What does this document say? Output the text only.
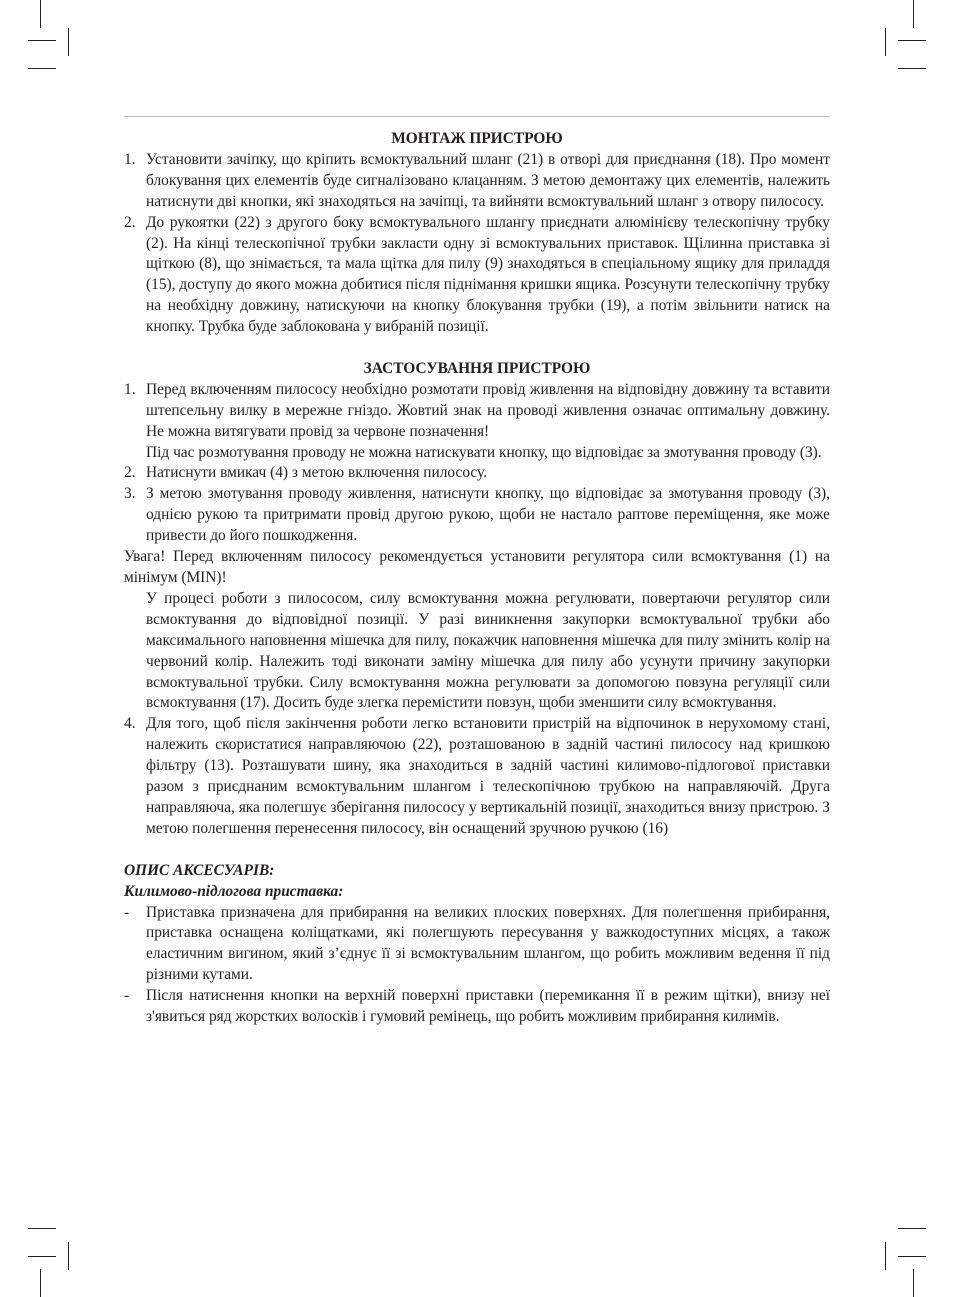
МОНТАЖ ПРИСТРОЮ

1. Установити зачіпку, що кріпить всмоктувальний шланг (21) в отворі для приєднання (18). Про момент блокування цих елементів буде сигналізовано клацанням. З метою демонтажу цих елементів, належить натиснути дві кнопки, які знаходяться на зачіпці, та вийняти всмоктувальний шланг з отвору пилососу.
2. До рукоятки (22) з другого боку всмоктувального шлангу приєднати алюмінієву телескопічну трубку (2). На кінці телескопічної трубки закласти одну зі всмоктувальних приставок. Щілинна приставка зі щіткою (8), що знімається, та мала щітка для пилу (9) знаходяться в спеціальному ящику для приладдя (15), доступу до якого можна добитися після піднімання кришки ящика. Розсунути телескопічну трубку на необхідну довжину, натискуючи на кнопку блокування трубки (19), а потім звільнити натиск на кнопку. Трубка буде заблокована у вибраній позиції.

ЗАСТОСУВАННЯ ПРИСТРОЮ

1. Перед включенням пилососу необхідно розмотати провід живлення на відповідну довжину та вставити штепсельну вилку в мережне гніздо. Жовтий знак на проводі живлення означає оптимальну довжину. Не можна витягувати провід за червоне позначення!

Під час розмотування проводу не можна натискувати кнопку, що відповідає за змотування проводу (3).

2. Натиснути вмикач (4) з метою включення пилососу.
3. З метою змотування проводу живлення, натиснути кнопку, що відповідає за змотування проводу (3), однією рукою та притримати провід другою рукою, щоби не настало раптове переміщення, яке може привести до його пошкодження.

Увага! Перед включенням пилососу рекомендується установити регулятора сили всмоктування (1) на мінімум (MIN)!

У процесі роботи з пилососом, силу всмоктування можна регулювати, повертаючи регулятор сили всмоктування до відповідної позиції. У разі виникнення закупорки всмоктувальної трубки або максимального наповнення мішечка для пилу, покажчик наповнення мішечка для пилу змінить колір на червоний колір. Належить тоді виконати заміну мішечка для пилу або усунути причину закупорки всмоктувальної трубки. Силу всмоктування можна регулювати за допомогою повзуна регуляції сили всмоктування (17). Досить буде злегка перемістити повзун, щоби зменшити силу всмоктування.

4. Для того, щоб після закінчення роботи легко встановити пристрій на відпочинок в нерухомому стані, належить скористатися направляючою (22), розташованою в задній частині пилососу над кришкою фільтру (13). Розташувати шину, яка знаходиться в задній частині килимово-підлогової приставки разом з приєднаним всмоктувальним шлангом і телескопічною трубкою на направляючій. Друга направляюча, яка полегшує зберігання пилососу у вертикальній позиції, знаходиться внизу пристрою. З метою полегшення перенесення пилососу, він оснащений зручною ручкою (16)

ОПИС АКСЕСУАРІВ:

Килимово-підлогова приставка:

-	Приставка призначена для прибирання на великих плоских поверхнях. Для полегшення прибирання, приставка оснащена коліщатками, які полегшують пересування у важкодоступних місцях, а також еластичним вигином, який з’єднує її зі всмоктувальним шлангом, що робить можливим ведення її під різними кутами.
-	Після натиснення кнопки на верхній поверхні приставки (перемикання її в режим щітки), внизу неї з'явиться ряд жорстких волосків і гумовий ремінець, що робить можливим прибирання килимів.
